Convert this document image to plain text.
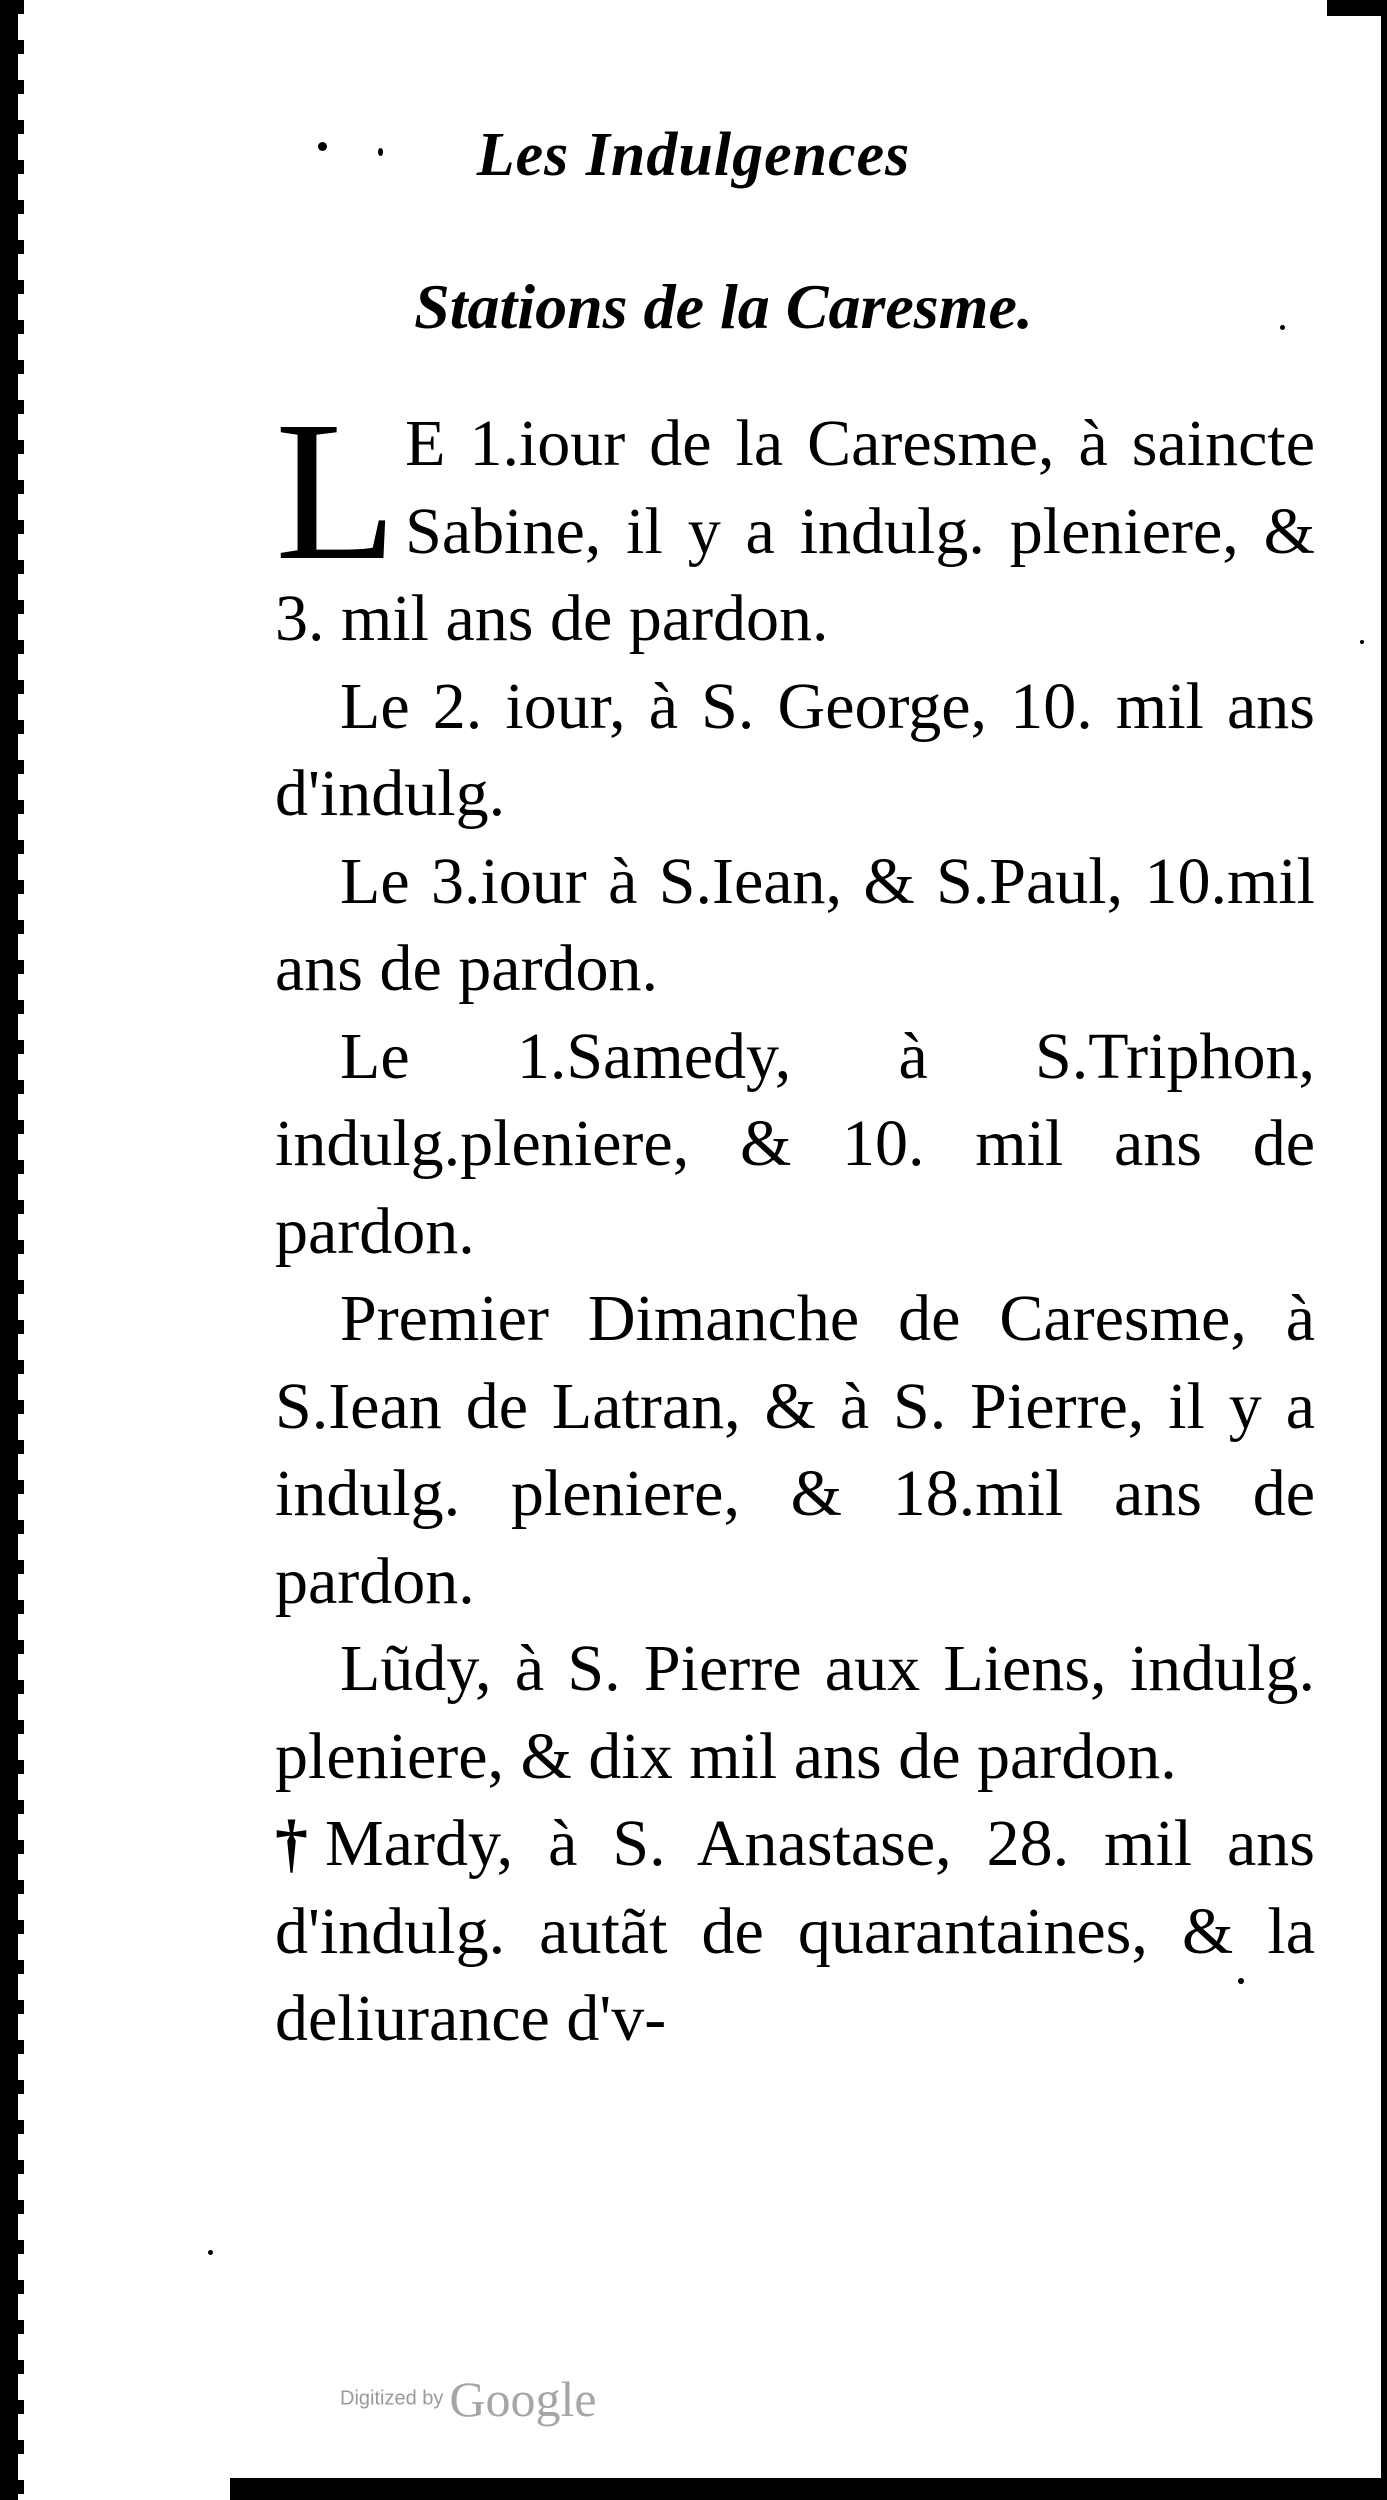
Les Indulgences
Stations de la Caresme.

L E 1.iour de la Caresme, à saincte Sabine, il y a indulg. pleniere, & 3. mil ans de pardon.

Le 2. iour, à S. George, 10. mil ans d'indulg.

Le 3.iour à S.Iean, & S.Paul, 10.mil ans de pardon.

Le 1.Samedy, à S.Triphon, indulg.pleniere, & 10. mil ans de pardon.

Premier Dimanche de Caresme, à S.Iean de Latran, & à S. Pierre, il y a indulg. pleniere, & 18.mil ans de pardon.

Lũdy, à S. Pierre aux Liens, indulg. pleniere, & dix mil ans de pardon.

† Mardy, à S. Anastase, 28. mil ans d'indulg. autãt de quarantaines, & la deliurance d'v-

Digitized by Google
